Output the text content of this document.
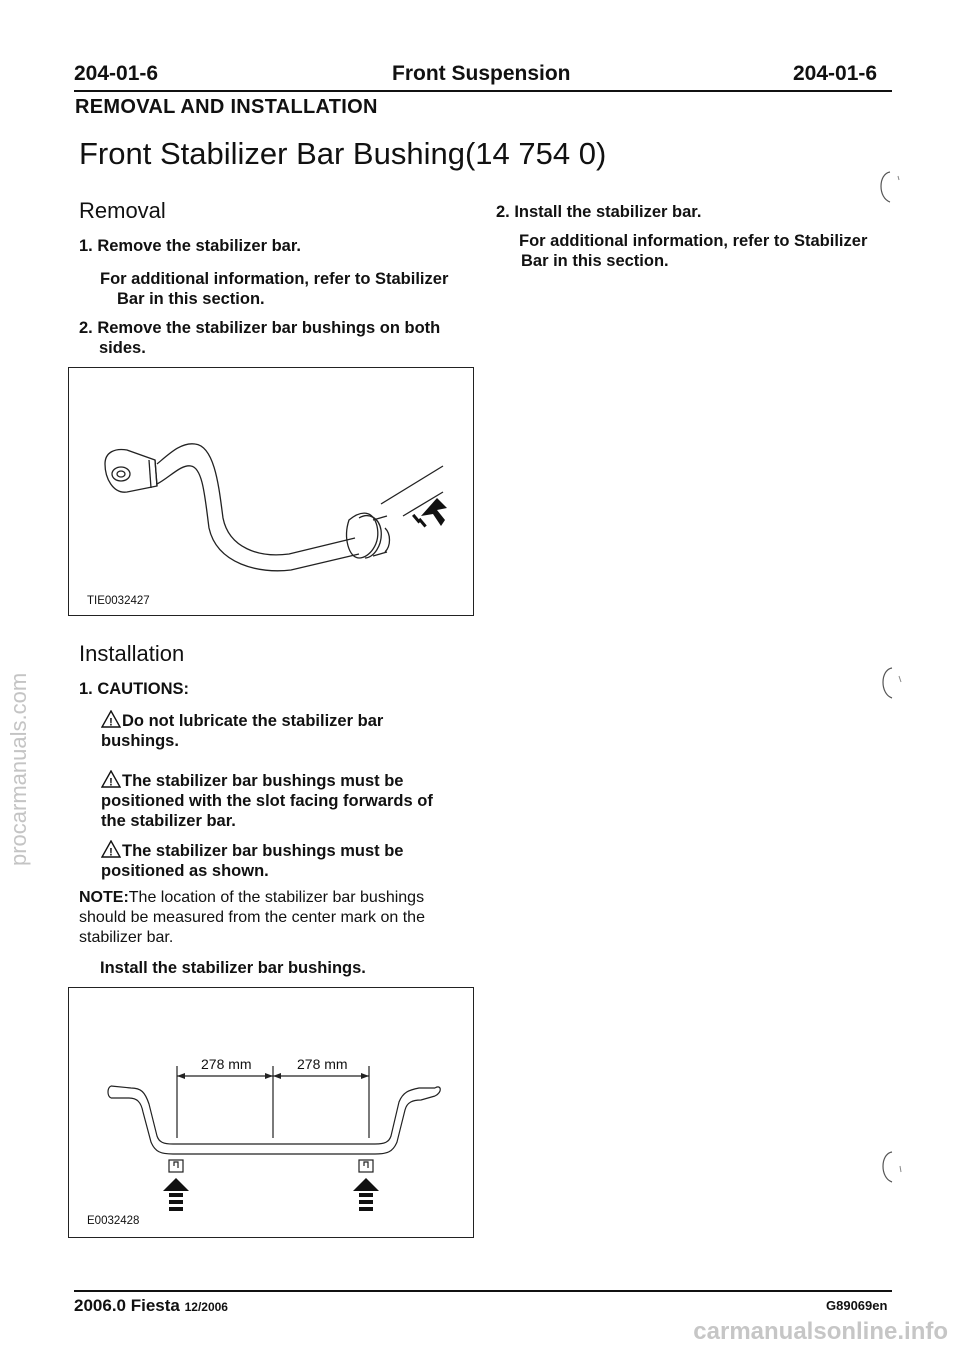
204-01-6	Front Suspension	204-01-6
REMOVAL AND INSTALLATION
Front Stabilizer Bar Bushing(14 754 0)
Removal
1. Remove the stabilizer bar.
For additional information, refer to Stabilizer
Bar in this section.
2. Remove the stabilizer bar bushings on both
sides.
TIE0032427
Installation
1. CAUTIONS:
! Do not lubricate the stabilizer bar
bushings.
! The stabilizer bar bushings must be
positioned with the slot facing forwards of
the stabilizer bar.
! The stabilizer bar bushings must be
positioned as shown.
NOTE:The location of the stabilizer bar bushings
should be measured from the center mark on the
stabilizer bar.
Install the stabilizer bar bushings.
278 mm	278 mm
E0032428
2. Install the stabilizer bar.
For additional information, refer to Stabilizer
Bar in this section.
2006.0 Fiesta 12/2006	G89069en
procarmanuals.com
carmanualsonline.info
